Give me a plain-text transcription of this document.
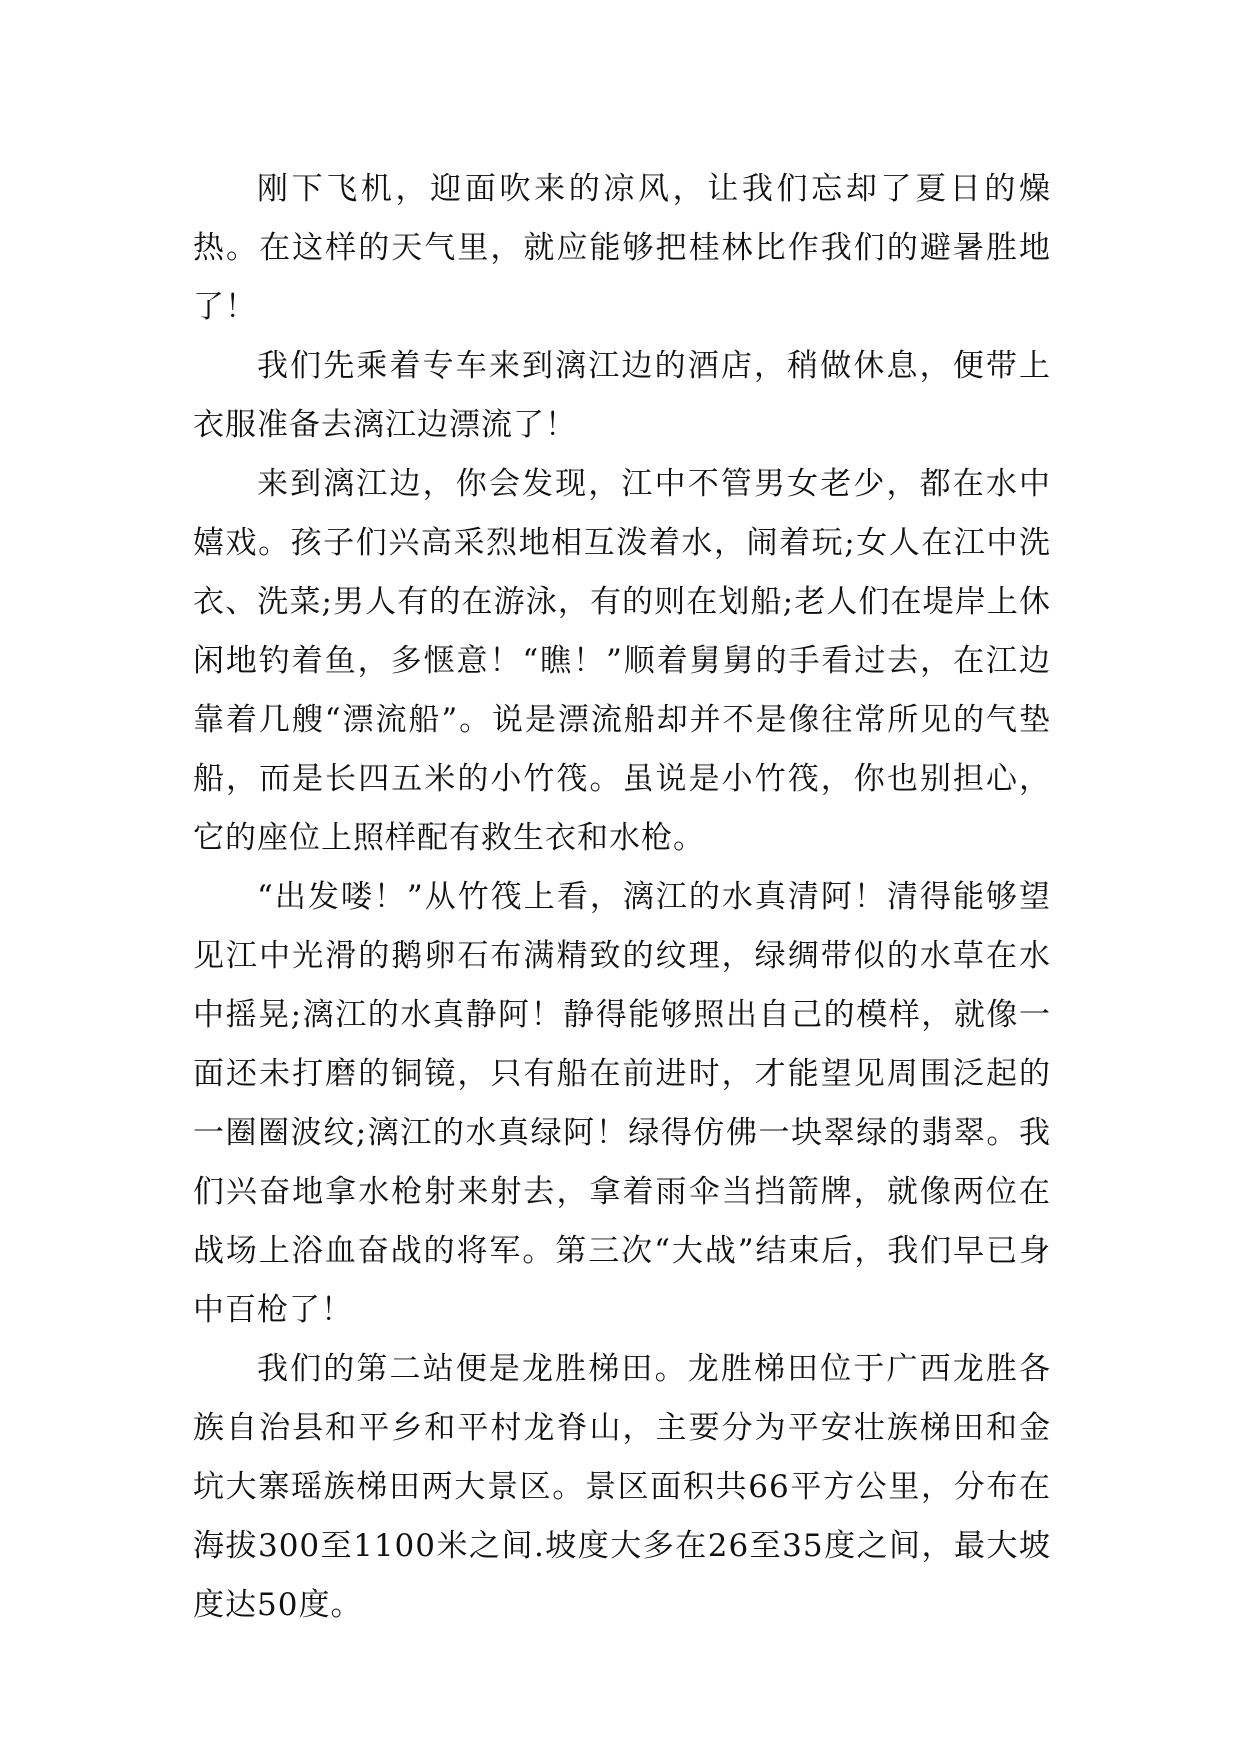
刚下飞机，迎面吹来的凉风，让我们忘却了夏日的燥热。在这样的天气里，就应能够把桂林比作我们的避暑胜地了！

我们先乘着专车来到漓江边的酒店，稍做休息，便带上衣服准备去漓江边漂流了！

来到漓江边，你会发现，江中不管男女老少，都在水中嬉戏。孩子们兴高采烈地相互泼着水，闹着玩;女人在江中洗衣、洗菜;男人有的在游泳，有的则在划船;老人们在堤岸上休闲地钓着鱼，多惬意！“瞧！”顺着舅舅的手看过去，在江边靠着几艘“漂流船”。说是漂流船却并不是像往常所见的气垫船，而是长四五米的小竹筏。虽说是小竹筏，你也别担心，它的座位上照样配有救生衣和水枪。

“出发喽！”从竹筏上看，漓江的水真清阿！清得能够望见江中光滑的鹅卵石布满精致的纹理，绿绸带似的水草在水中摇晃;漓江的水真静阿！静得能够照出自己的模样，就像一面还未打磨的铜镜，只有船在前进时，才能望见周围泛起的一圈圈波纹;漓江的水真绿阿！绿得仿佛一块翠绿的翡翠。我们兴奋地拿水枪射来射去，拿着雨伞当挡箭牌，就像两位在战场上浴血奋战的将军。第三次“大战”结束后，我们早已身中百枪了！

我们的第二站便是龙胜梯田。龙胜梯田位于广西龙胜各族自治县和平乡和平村龙脊山，主要分为平安壮族梯田和金坑大寨瑶族梯田两大景区。景区面积共66平方公里，分布在海拔300至1100米之间.坡度大多在26至35度之间，最大坡度达50度。
